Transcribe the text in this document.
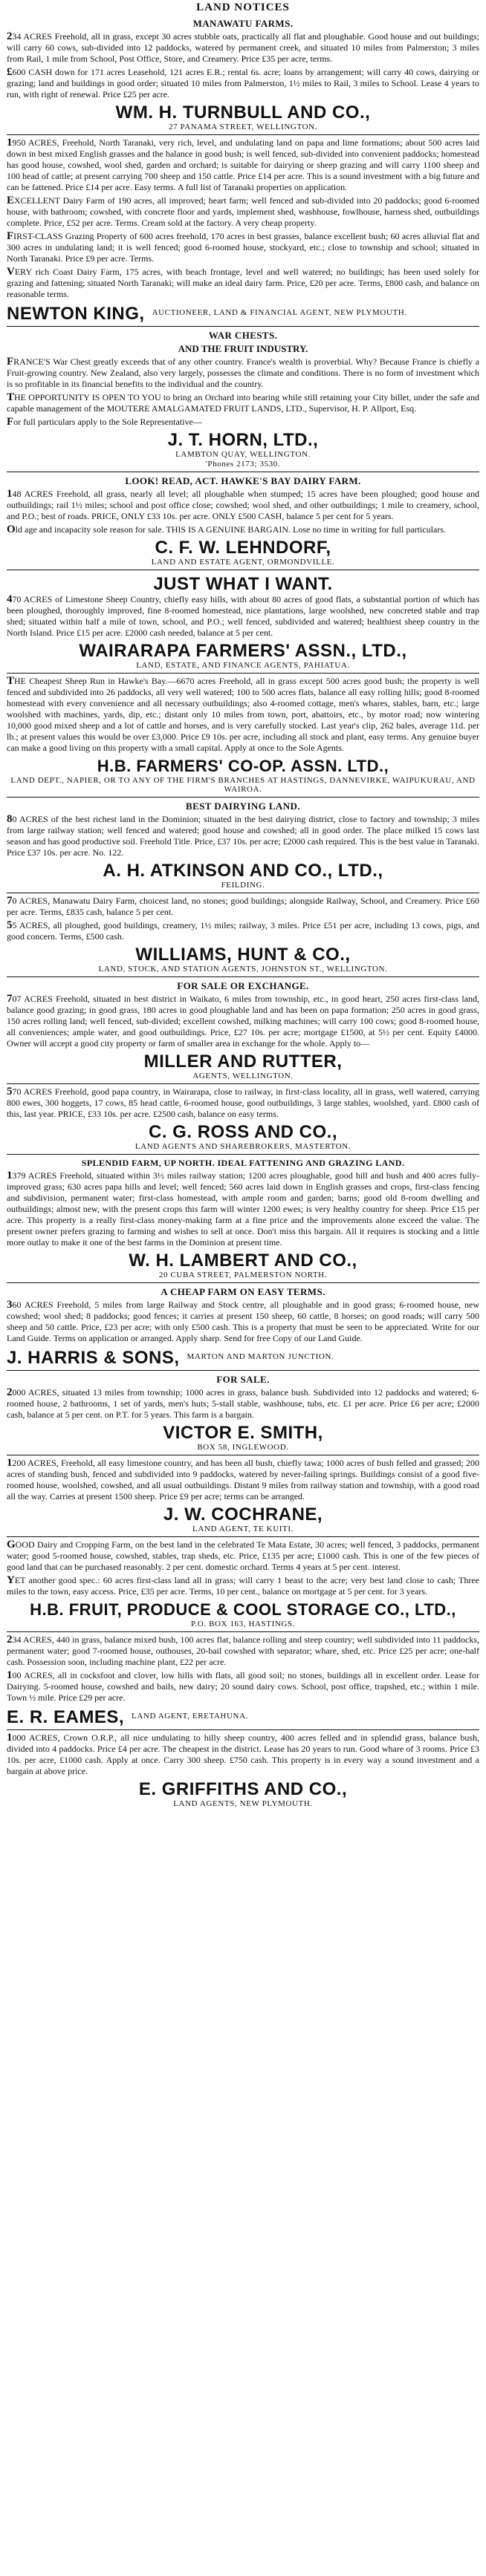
LAND NOTICES
MANAWATU FARMS.
234 ACRES Freehold, all in grass, except 30 acres stubble oats, practically all flat and ploughable. Good house and out buildings; will carry 60 cows, sub-divided into 12 paddocks, watered by permanent creek, and situated 10 miles from Palmerston; 3 miles from Rail, 1 mile from School, Post Office, Store, and Creamery. Price £35 per acre, terms.
£600 CASH down for 171 acres Leasehold, 121 acres E.R.; rental 6s. acre; loans by arrangement; will carry 40 cows, dairying or grazing; land and buildings in good order; situated 10 miles from Palmerston, 1½ miles to Rail, 3 miles to School. Lease 4 years to run, with right of renewal. Price £25 per acre.
WM. H. TURNBULL AND CO.,
27 PANAMA STREET, WELLINGTON.
1950 ACRES, Freehold, North Taranaki, very rich, level, and undulating land on papa and lime formations; about 500 acres laid down in best mixed English grasses and the balance in good bush; is well fenced, sub-divided into convenient paddocks; homestead has good house, cowshed, wool shed, garden and orchard; is suitable for dairying or sheep grazing and will carry 1100 sheep and 100 head of cattle; at present carrying 700 sheep and 150 cattle. Price £14 per acre. This is a sound investment with a big future and can be fattened. Price £14 per acre. Easy terms. A full list of Taranaki properties on application.
EXCELLENT Dairy Farm of 190 acres, all improved; heart farm; well fenced and sub-divided into 20 paddocks; good 6-roomed house, with bathroom; cowshed, with concrete floor and yards, implement shed, washhouse, fowlhouse, harness shed, outbuildings complete. Price, £52 per acre. Terms. Cream sold at the factory. A very cheap property.
FIRST-CLASS Grazing Property of 600 acres freehold, 170 acres in best grasses, balance excellent bush; 60 acres alluvial flat and 300 acres in undulating land; it is well fenced; good 6-roomed house, stockyard, etc.; close to township and school; situated in North Taranaki. Price £9 per acre. Terms.
VERY rich Coast Dairy Farm, 175 acres, with beach frontage, level and well watered; no buildings; has been used solely for grazing and fattening; situated North Taranaki; will make an ideal dairy farm. Price, £20 per acre. Terms, £800 cash, and balance on reasonable terms.
NEWTON KING, AUCTIONEER, LAND & FINANCIAL AGENT, NEW PLYMOUTH.
WAR CHESTS.
AND THE FRUIT INDUSTRY.
FRANCE'S War Chest greatly exceeds that of any other country. France's wealth is proverbial. Why? Because France is chiefly a Fruit-growing country. New Zealand, also very largely, possesses the climate and conditions. There is no form of investment which is so profitable in its financial benefits to the individual and the country.
THE OPPORTUNITY IS OPEN TO YOU to bring an Orchard into bearing while still retaining your City billet, under the safe and capable management of the MOUTERE AMALGAMATED FRUIT LANDS, LTD., Supervisor, H. P. Allport, Esq.
For full particulars apply to the Sole Representative—
J. T. HORN, LTD.,
LAMBTON QUAY, WELLINGTON.
'Phones 2173; 3530.
LOOK! READ, ACT. HAWKE'S BAY DAIRY FARM.
148 ACRES Freehold, all grass, nearly all level; all ploughable when stumped; 15 acres have been ploughed; good house and outbuildings; rail 1½ miles; school and post office close; cowshed; wool shed, and other outbuildings; 1 mile to creamery, school, and P.O.; best of roads. PRICE, ONLY £33 10s. per acre. ONLY £500 CASH, balance 5 per cent for 5 years.
Old age and incapacity sole reason for sale. THIS IS A GENUINE BARGAIN. Lose no time in writing for full particulars.
C. F. W. LEHNDORF,
LAND AND ESTATE AGENT, ORMONDVILLE.
JUST WHAT I WANT.
470 ACRES of Limestone Sheep Country, chiefly easy hills, with about 80 acres of good flats, a substantial portion of which has been ploughed, thoroughly improved, fine 8-roomed homestead, nice plantations, large woolshed, new concreted stable and trap shed; situated within half a mile of town, school, and P.O.; well fenced, subdivided and watered; healthiest sheep country in the North Island. Price £15 per acre. £2000 cash needed, balance at 5 per cent.
WAIRARAPA FARMERS' ASSN., LTD.,
LAND, ESTATE, AND FINANCE AGENTS, PAHIATUA.
THE Cheapest Sheep Run in Hawke's Bay.—6670 acres Freehold, all in grass except 500 acres good bush; the property is well fenced and subdivided into 26 paddocks, all very well watered; 100 to 500 acres flats, balance all easy rolling hills; good 8-roomed homestead with every convenience and all necessary outbuildings; also 4-roomed cottage, men's whares, stables, barn, etc.; large woolshed with machines, yards, dip, etc.; distant only 10 miles from town, port, abattoirs, etc., by motor road; now wintering 10,000 good mixed sheep and a lot of cattle and horses, and is very carefully stocked. Last year's clip, 262 bales, average 11d. per lb.; at present values this would be over £3,000. Price £9 10s. per acre, including all stock and plant, easy terms. Any genuine buyer can make a good living on this property with a small capital. Apply at once to the Sole Agents.
H.B. FARMERS' CO-OP. ASSN. LTD.,
LAND DEPT., NAPIER, OR TO ANY OF THE FIRM'S BRANCHES AT HASTINGS, DANNEVIRKE, WAIPUKURAU, AND WAIROA.
BEST DAIRYING LAND.
80 ACRES of the best richest land in the Dominion; situated in the best dairying district, close to factory and township; 3 miles from large railway station; well fenced and watered; good house and cowshed; all in good order. The place milked 15 cows last season and has good productive soil. Freehold Title. Price, £37 10s. per acre; £2000 cash required. This is the best value in Taranaki. Price £37 10s. per acre. No. 122.
A. H. ATKINSON AND CO., LTD.,
FEILDING.
70 ACRES, Manawatu Dairy Farm, choicest land, no stones; good buildings; alongside Railway, School, and Creamery. Price £60 per acre. Terms, £835 cash, balance 5 per cent.
55 ACRES, all ploughed, good buildings, creamery, 1½ miles; railway, 3 miles. Price £51 per acre, including 13 cows, pigs, and good concern. Terms, £500 cash.
WILLIAMS, HUNT & CO.,
LAND, STOCK, AND STATION AGENTS, JOHNSTON ST., WELLINGTON.
FOR SALE OR EXCHANGE.
707 ACRES Freehold, situated in best district in Waikato, 6 miles from township, etc., in good heart, 250 acres first-class land, balance good grazing; in good grass, 180 acres in good ploughable land and has been on papa formation; 250 acres in good grass, 150 acres rolling land; well fenced, sub-divided; excellent cowshed, milking machines; will carry 100 cows; good 8-roomed house, all conveniences; ample water, and good outbuildings. Price, £27 10s. per acre; mortgage £1500, at 5½ per cent. Equity £4000. Owner will accept a good city property or farm of smaller area in exchange for the whole. Apply to—
MILLER AND RUTTER,
AGENTS, WELLINGTON.
570 ACRES Freehold, good papa country, in Wairarapa, close to railway, in first-class locality, all in grass, well watered, carrying 800 ewes, 300 hoggets, 17 cows, 85 head cattle, 6-roomed house, good outbuildings, 3 large stables, woolshed, yard. £800 cash of this, last year. PRICE, £33 10s. per acre. £2500 cash, balance on easy terms.
C. G. ROSS AND CO.,
LAND AGENTS AND SHAREBROKERS, MASTERTON.
SPLENDID FARM, UP NORTH. IDEAL FATTENING AND GRAZING LAND.
1379 ACRES Freehold, situated within 3½ miles railway station; 1200 acres ploughable, good hill and bush and 400 acres fully-improved grass; 630 acres papa hills and level; well fenced; 560 acres laid down in English grasses and crops, first-class fencing and subdivision, permanent water; first-class homestead, with ample room and garden; barns; good old 8-room dwelling and outbuildings; almost new, with the present crops this farm will winter 1200 ewes; is very healthy country for sheep. Price £15 per acre. This property is a really first-class money-making farm at a fine price and the improvements alone exceed the value. The present owner prefers grazing to farming and wishes to sell at once. Don't miss this bargain. All it requires is stocking and a little more outlay to make it one of the best farms in the Dominion at present time.
W. H. LAMBERT AND CO.,
20 CUBA STREET, PALMERSTON NORTH.
A CHEAP FARM ON EASY TERMS.
360 ACRES Freehold, 5 miles from large Railway and Stock centre, all ploughable and in good grass; 6-roomed house, new cowshed; wool shed; 8 paddocks; good fences; it carries at present 150 sheep, 60 cattle, 8 horses; on good roads; will carry 500 sheep and 50 cattle. Price, £23 per acre; with only £500 cash. This is a property that must be seen to be appreciated. Write for our Land Guide. Terms on application or arranged. Apply sharp. Send for free Copy of our Land Guide.
J. HARRIS & SONS, MARTON AND MARTON JUNCTION.
FOR SALE.
2000 ACRES, situated 13 miles from township; 1000 acres in grass, balance bush. Subdivided into 12 paddocks and watered; 6-roomed house, 2 bathrooms, 1 set of yards, men's huts; 5-stall stable, washhouse, tubs, etc. £1 per acre. Price £6 per acre; £2000 cash, balance at 5 per cent. on P.T. for 5 years. This farm is a bargain.
VICTOR E. SMITH,
BOX 58, INGLEWOOD.
1200 ACRES, Freehold, all easy limestone country, and has been all bush, chiefly tawa; 1000 acres of bush felled and grassed; 200 acres of standing bush, fenced and subdivided into 9 paddocks, watered by never-failing springs. Buildings consist of a good five-roomed house, woolshed, cowshed, and all usual outbuildings. Distant 9 miles from railway station and township, with a good road all the way. Carries at present 1500 sheep. Price £9 per acre; terms can be arranged.
J. W. COCHRANE,
LAND AGENT, TE KUITI.
GOOD Dairy and Cropping Farm, on the best land in the celebrated Te Mata Estate, 30 acres; well fenced, 3 paddocks, permanent water; good 5-roomed house, cowshed, stables, trap sheds, etc. Price, £135 per acre; £1000 cash. This is one of the few pieces of good land that can be purchased reasonably. 2 per cent. domestic orchard. Terms 4 years at 5 per cent. interest.
YET another good spec.: 60 acres first-class land all in grass; will carry 1 beast to the acre; very best land close to cash; Three miles to the town, easy access. Price, £35 per acre. Terms, 10 per cent., balance on mortgage at 5 per cent. for 3 years.
H.B. FRUIT, PRODUCE & COOL STORAGE CO., LTD.,
P.O. BOX 163, HASTINGS.
234 ACRES, 440 in grass, balance mixed bush, 100 acres flat, balance rolling and steep country; well subdivided into 11 paddocks, permanent water; good 7-roomed house, outhouses, 20-bail cowshed with separator; whare, shed, etc. Price £25 per acre; one-half cash. Possession soon, including machine plant, £22 per acre.
100 ACRES, all in cocksfoot and clover, low hills with flats, all good soil; no stones, buildings all in excellent order. Lease for Dairying. 5-roomed house, cowshed and bails, new dairy; 20 sound dairy cows. School, post office, trapshed, etc.; within 1 mile. Town ½ mile. Price £29 per acre.
E. R. EAMES, LAND AGENT, ERETAHUNA.
1000 ACRES, Crown O.R.P., all nice undulating to hilly sheep country, 400 acres felled and in splendid grass, balance bush, divided into 4 paddocks. Price £4 per acre. The cheapest in the district. Lease has 20 years to run. Good whare of 3 rooms. Price £3 10s. per acre, £1000 cash. Apply at once. Carry 300 sheep. £750 cash. This property is in every way a sound investment and a bargain at above price.
E. GRIFFITHS AND CO.,
LAND AGENTS, NEW PLYMOUTH.
